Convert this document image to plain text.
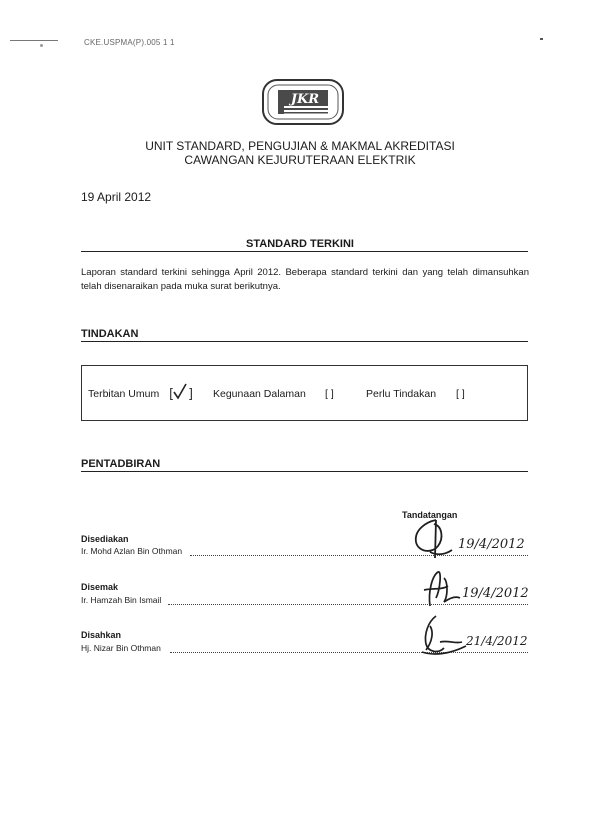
CKE.USPMA(P).005 1 1
JKR
UNIT STANDARD, PENGUJIAN & MAKMAL AKREDITASI
CAWANGAN KEJURUTERAAN ELEKTRIK
19 April 2012
STANDARD TERKINI
Laporan standard terkini sehingga April 2012. Beberapa standard terkini dan yang telah dimansuhkan telah disenaraikan pada muka surat berikutnya.
TINDAKAN
Terbitan Umum [ ] Kegunaan Dalaman [ ]	Perlu Tindakan [ ]
PENTADBIRAN
Tandatangan
Disediakan
Ir. Mohd Azlan Bin Othman	19/4/2012
Disemak
Ir. Hamzah Bin Ismail	19/4/2012
Disahkan
Hj. Nizar Bin Othman	21/4/2012
